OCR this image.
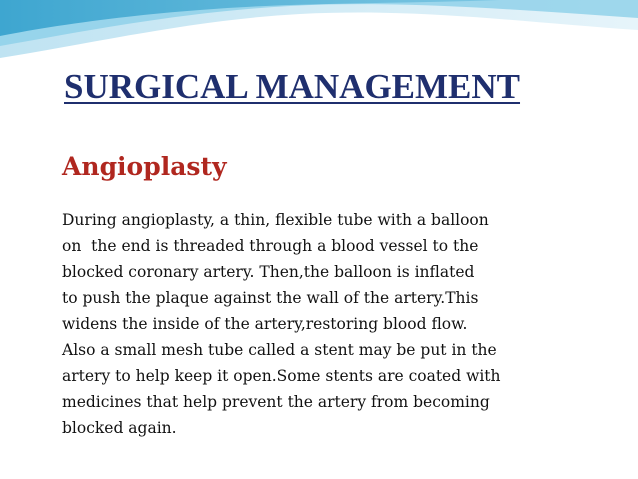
SURGICAL MANAGEMENT
Angioplasty
During angioplasty, a thin, flexible tube with a balloon
on  the end is threaded through a blood vessel to the
blocked coronary artery. Then,the balloon is inflated
to push the plaque against the wall of the artery.This
widens the inside of the artery,restoring blood flow.
Also a small mesh tube called a stent may be put in the
artery to help keep it open.Some stents are coated with
medicines that help prevent the artery from becoming
blocked again.
